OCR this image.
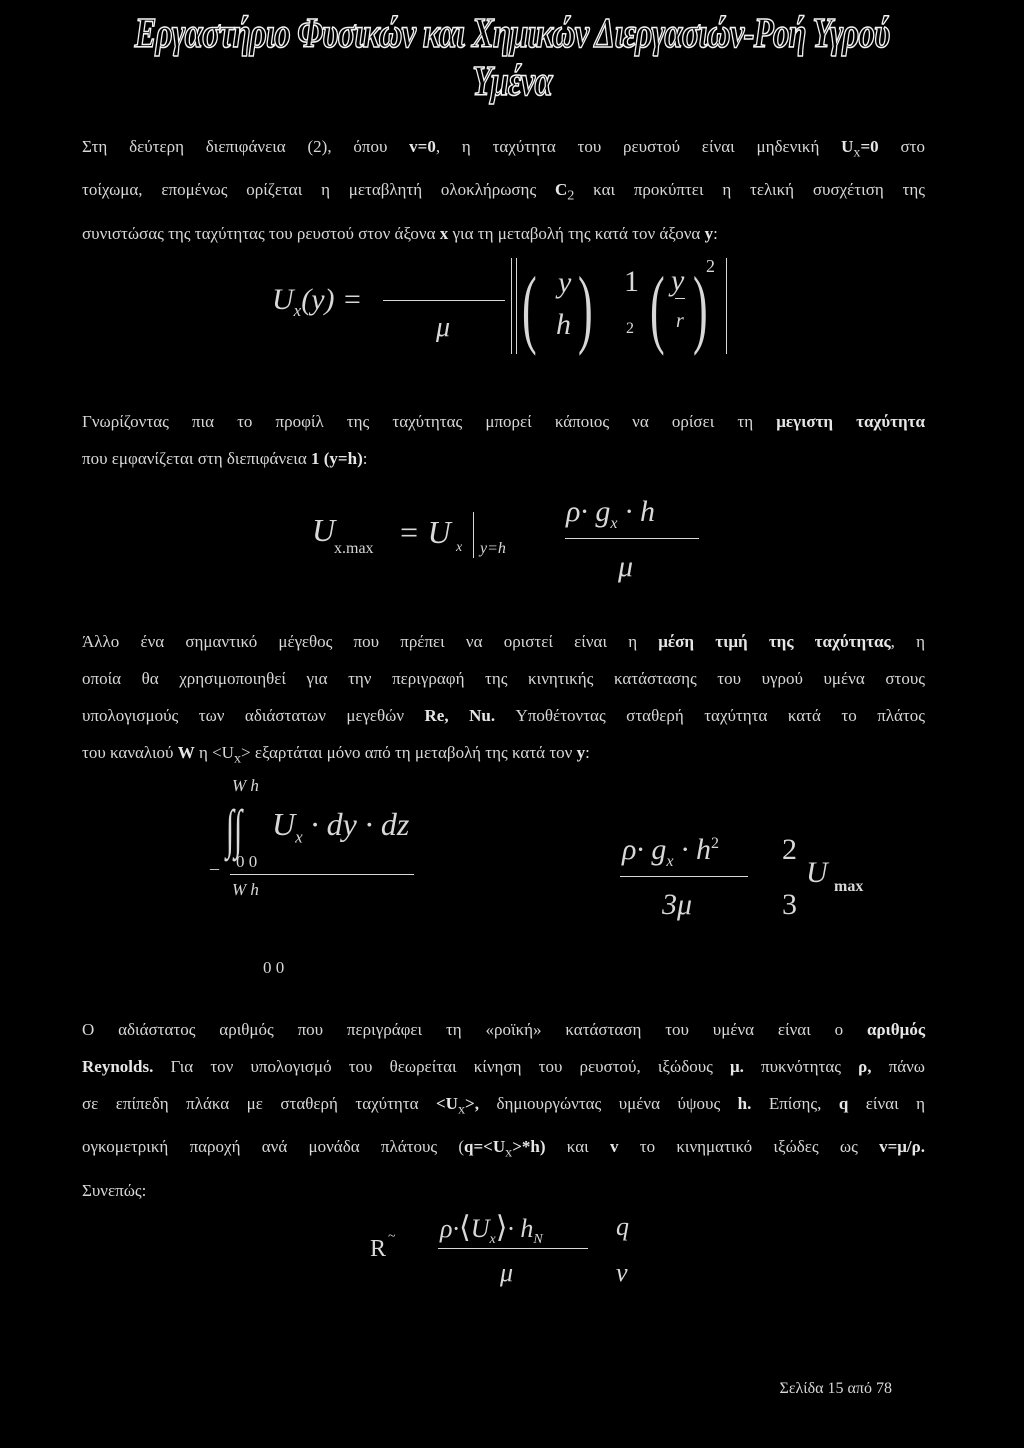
Εργαστήριο Φυσικών και Χημικών Διεργασιών-Ροή Υγρού Υμένα
Στη δεύτερη διεπιφάνεια (2), όπου v=0, η ταχύτητα του ρευστού είναι μηδενική $U_x=0$ στο
τοίχωμα, επομένως ορίζεται η μεταβλητή ολοκλήρωσης $C_2$ και προκύπτει η τελική συσχέτιση της
συνιστώσας της ταχύτητας του ρευστού στον άξονα x για τη μεταβολή της κατά τον άξονα y:
$U_x(y)$ =
μ ( y
h ) 1
2 ( y
r )
2
Γνωρίζοντας πια το προφίλ της ταχύτητας μπορεί κάποιος να ορίσει τη μεγιστη ταχύτητα
που εμφανίζεται στη διεπιφάνεια 1 (y=h):
U
x.max = U x y=h
$\rho\cdot g_x \cdot h$
μ
Άλλο ένα σημαντικό μέγεθος που πρέπει να οριστεί είναι η μέση τιμή της ταχύτητας, η
οποία θα χρησιμοποιηθεί για την περιγραφή της κινητικής κατάστασης του υγρού υμένα στους
υπολογισμούς των αδιάστατων μεγεθών Re, Nu. Υποθέτοντας σταθερή ταχύτητα κατά το πλάτος
του καναλιού W $\eta <U_x> \varepsilon\xi\alpha\rho\tau ά\tau\alpha\iota$ μόνο από τη μεταβολή της κατά τον y:
W h
∫∫ $U_x$ · dy · dz
– 0 0
W h
0 0
$\rho\cdot g_x \cdot h^2$
3μ
2
3
U max
Ο αδιάστατος αριθμός που περιγράφει τη «ροϊκή» κατάσταση του υμένα είναι ο αριθμός
Reynolds. Για τον υπολογισμό του θεωρείται κίνηση του ρευστού, ιξώδους μ. πυκνότητας ρ, πάνω
σε επίπεδη πλάκα με σταθερή $\tau\alpha\chi ύ\tau\eta\tau\alpha <U_x>$, δημιουργώντας υμένα ύψους h. Επίσης, q είναι η
ογκομετρική παροχή ανά μονάδα πλάτους $(q=<U_x>*h)$ και v το κινηματικό ιξώδες ως v=μ/ρ.
Συνεπώς:
R ~ $\rho\cdot⟨U_x⟩\cdot h_N$
μ
q
ν
Σελίδα 15 από 78
